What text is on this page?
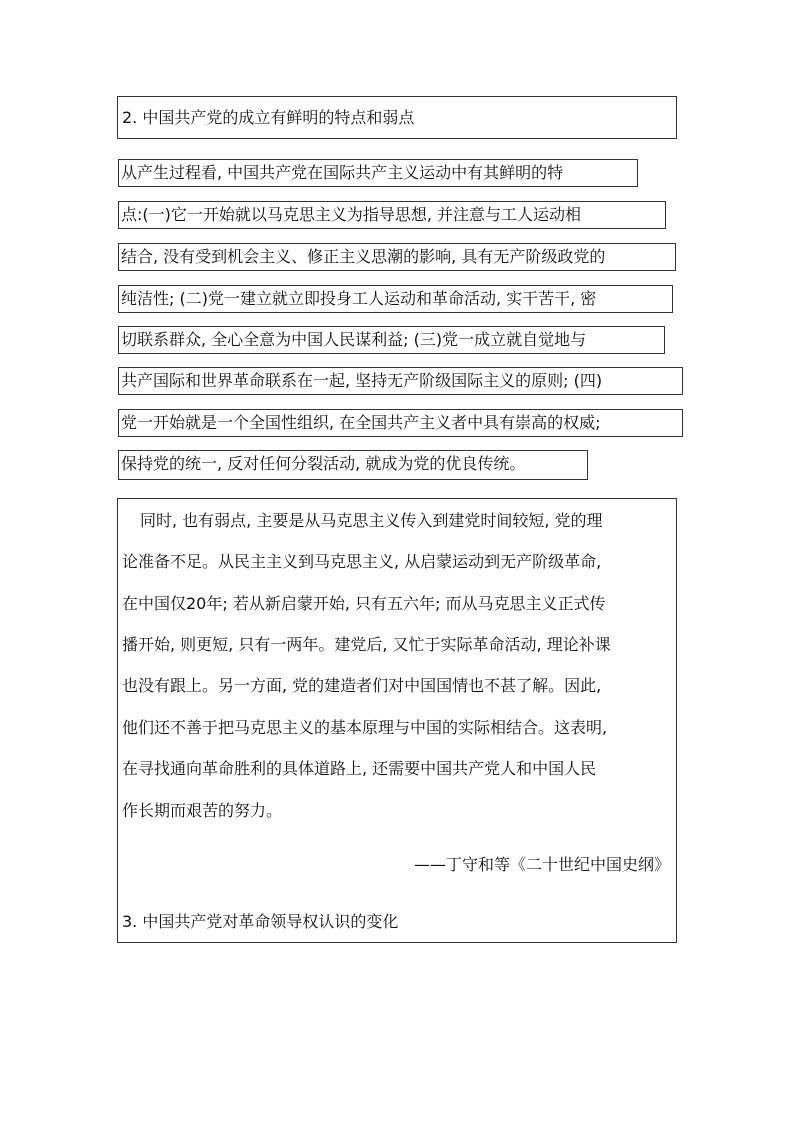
2. 中国共产党的成立有鲜明的特点和弱点
从产生过程看, 中国共产党在国际共产主义运动中有其鲜明的特
点:(一)它一开始就以马克思主义为指导思想, 并注意与工人运动相
结合, 没有受到机会主义、修正主义思潮的影响, 具有无产阶级政党的
纯洁性; (二)党一建立就立即投身工人运动和革命活动, 实干苦干, 密
切联系群众, 全心全意为中国人民谋利益; (三)党一成立就自觉地与
共产国际和世界革命联系在一起, 坚持无产阶级国际主义的原则; (四)
党一开始就是一个全国性组织, 在全国共产主义者中具有崇高的权威;
保持党的统一, 反对任何分裂活动, 就成为党的优良传统。
同时, 也有弱点, 主要是从马克思主义传入到建党时间较短, 党的理
论准备不足。从民主主义到马克思主义, 从启蒙运动到无产阶级革命,
在中国仅20年; 若从新启蒙开始, 只有五六年; 而从马克思主义正式传
播开始, 则更短, 只有一两年。建党后, 又忙于实际革命活动, 理论补课
也没有跟上。另一方面, 党的建造者们对中国国情也不甚了解。因此,
他们还不善于把马克思主义的基本原理与中国的实际相结合。这表明,
在寻找通向革命胜利的具体道路上, 还需要中国共产党人和中国人民
作长期而艰苦的努力。
——丁守和等《二十世纪中国史纲》
3. 中国共产党对革命领导权认识的变化
